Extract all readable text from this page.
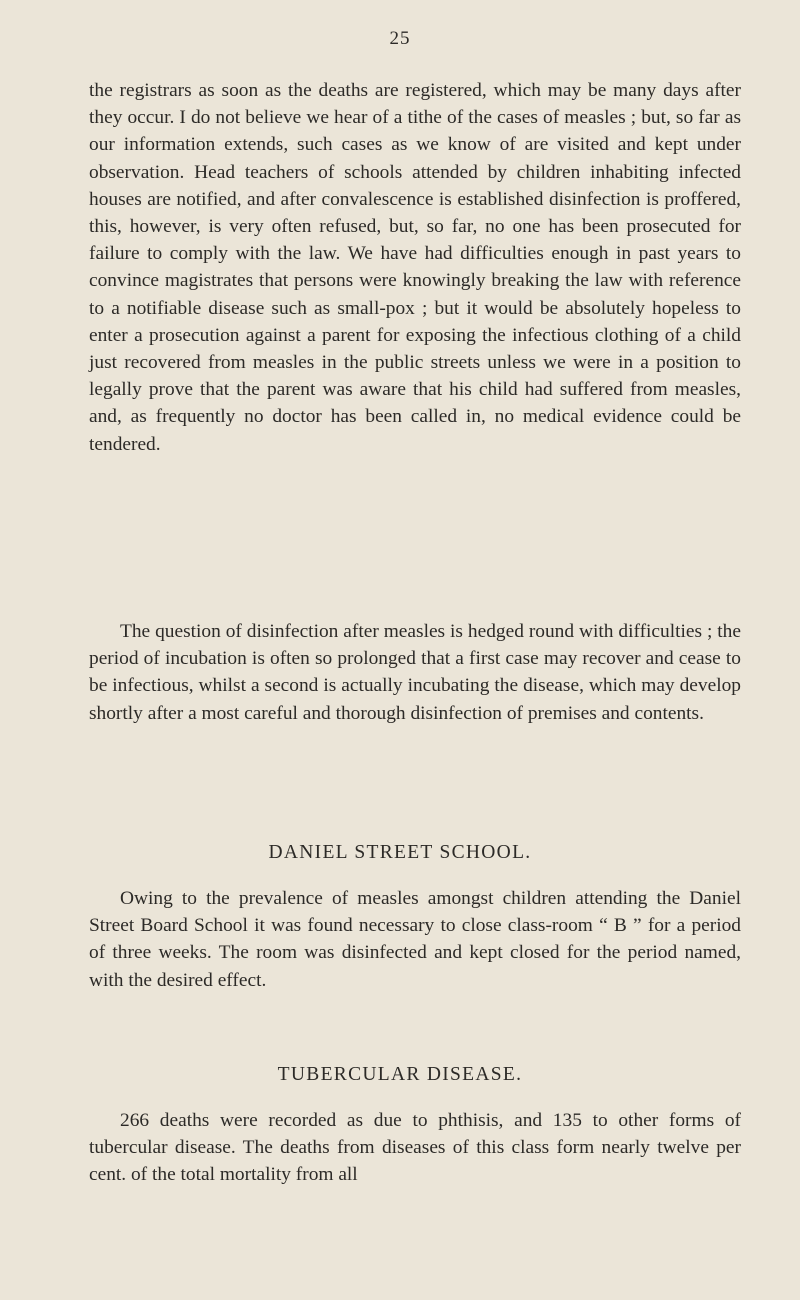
25

the registrars as soon as the deaths are registered, which may be many days after they occur. I do not believe we hear of a tithe of the cases of measles ; but, so far as our information extends, such cases as we know of are visited and kept under observation. Head teachers of schools attended by children inhabiting infected houses are notified, and after convalescence is established disinfection is proffered, this, however, is very often refused, but, so far, no one has been prosecuted for failure to comply with the law. We have had difficulties enough in past years to convince magistrates that persons were knowingly breaking the law with reference to a notifiable disease such as small-pox ; but it would be absolutely hopeless to enter a prosecution against a parent for exposing the infectious clothing of a child just recovered from measles in the public streets unless we were in a position to legally prove that the parent was aware that his child had suffered from measles, and, as frequently no doctor has been called in, no medical evidence could be tendered.

The question of disinfection after measles is hedged round with difficulties ; the period of incubation is often so prolonged that a first case may recover and cease to be infectious, whilst a second is actually incubating the disease, which may develop shortly after a most careful and thorough disinfection of premises and contents.

DANIEL STREET SCHOOL.

Owing to the prevalence of measles amongst children attending the Daniel Street Board School it was found necessary to close class-room “ B ” for a period of three weeks. The room was disinfected and kept closed for the period named, with the desired effect.

TUBERCULAR DISEASE.

266 deaths were recorded as due to phthisis, and 135 to other forms of tubercular disease. The deaths from diseases of this class form nearly twelve per cent. of the total mortality from all
